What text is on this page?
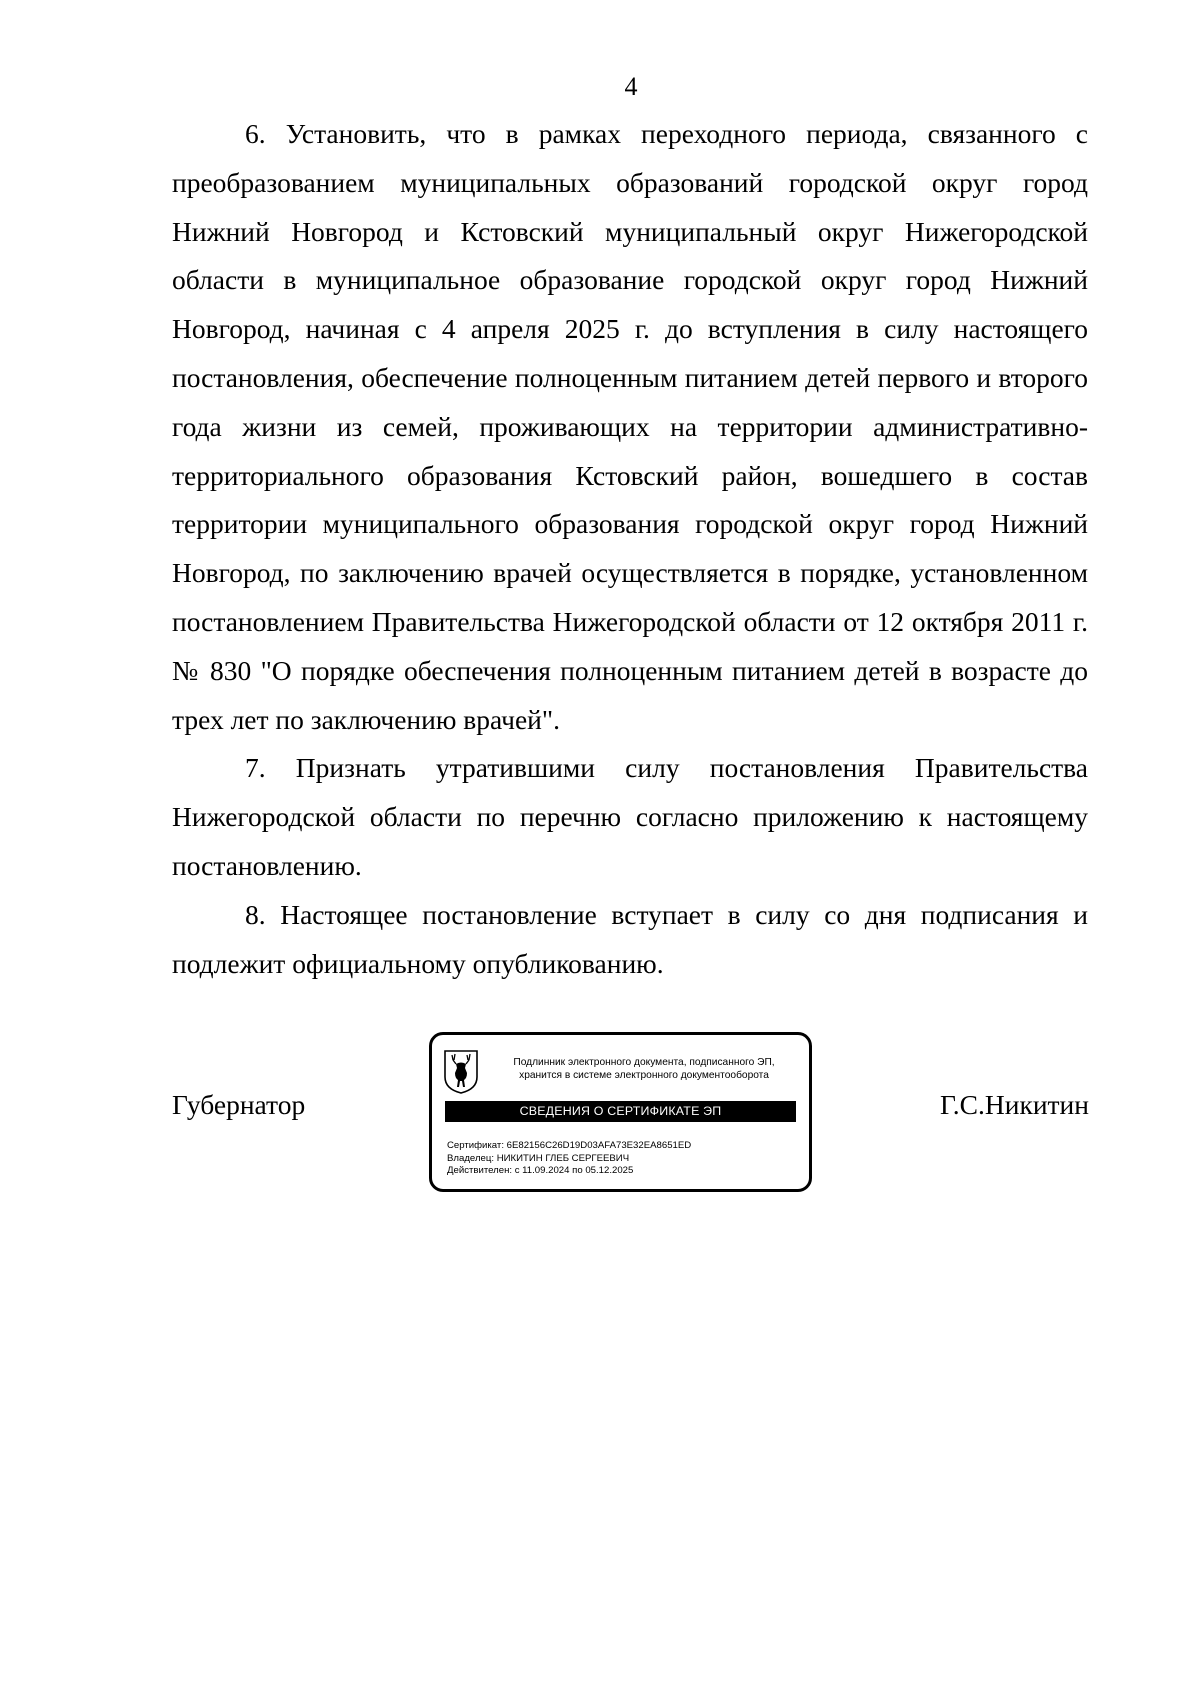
4

6. Установить, что в рамках переходного периода, связанного с преобразованием муниципальных образований городской округ город Нижний Новгород и Кстовский муниципальный округ Нижегородской области в муниципальное образование городской округ город Нижний Новгород, начиная с 4 апреля 2025 г. до вступления в силу настоящего постановления, обеспечение полноценным питанием детей первого и второго года жизни из семей, проживающих на территории административно-территориального образования Кстовский район, вошедшего в состав территории муниципального образования городской округ город Нижний Новгород, по заключению врачей осуществляется в порядке, установленном постановлением Правительства Нижегородской области от 12 октября 2011 г. № 830 "О порядке обеспечения полноценным питанием детей в возрасте до трех лет по заключению врачей".

7. Признать утратившими силу постановления Правительства Нижегородской области по перечню согласно приложению к настоящему постановлению.

8. Настоящее постановление вступает в силу со дня подписания и подлежит официальному опубликованию.

Губернатор
Подлинник электронного документа, подписанного ЭП,
хранится в системе электронного документооборота
СВЕДЕНИЯ О СЕРТИФИКАТЕ ЭП
Сертификат: 6E82156C26D19D03AFA73E32EA8651ED
Владелец: НИКИТИН ГЛЕБ СЕРГЕЕВИЧ
Действителен: с 11.09.2024 по 05.12.2025
Г.С.Никитин
